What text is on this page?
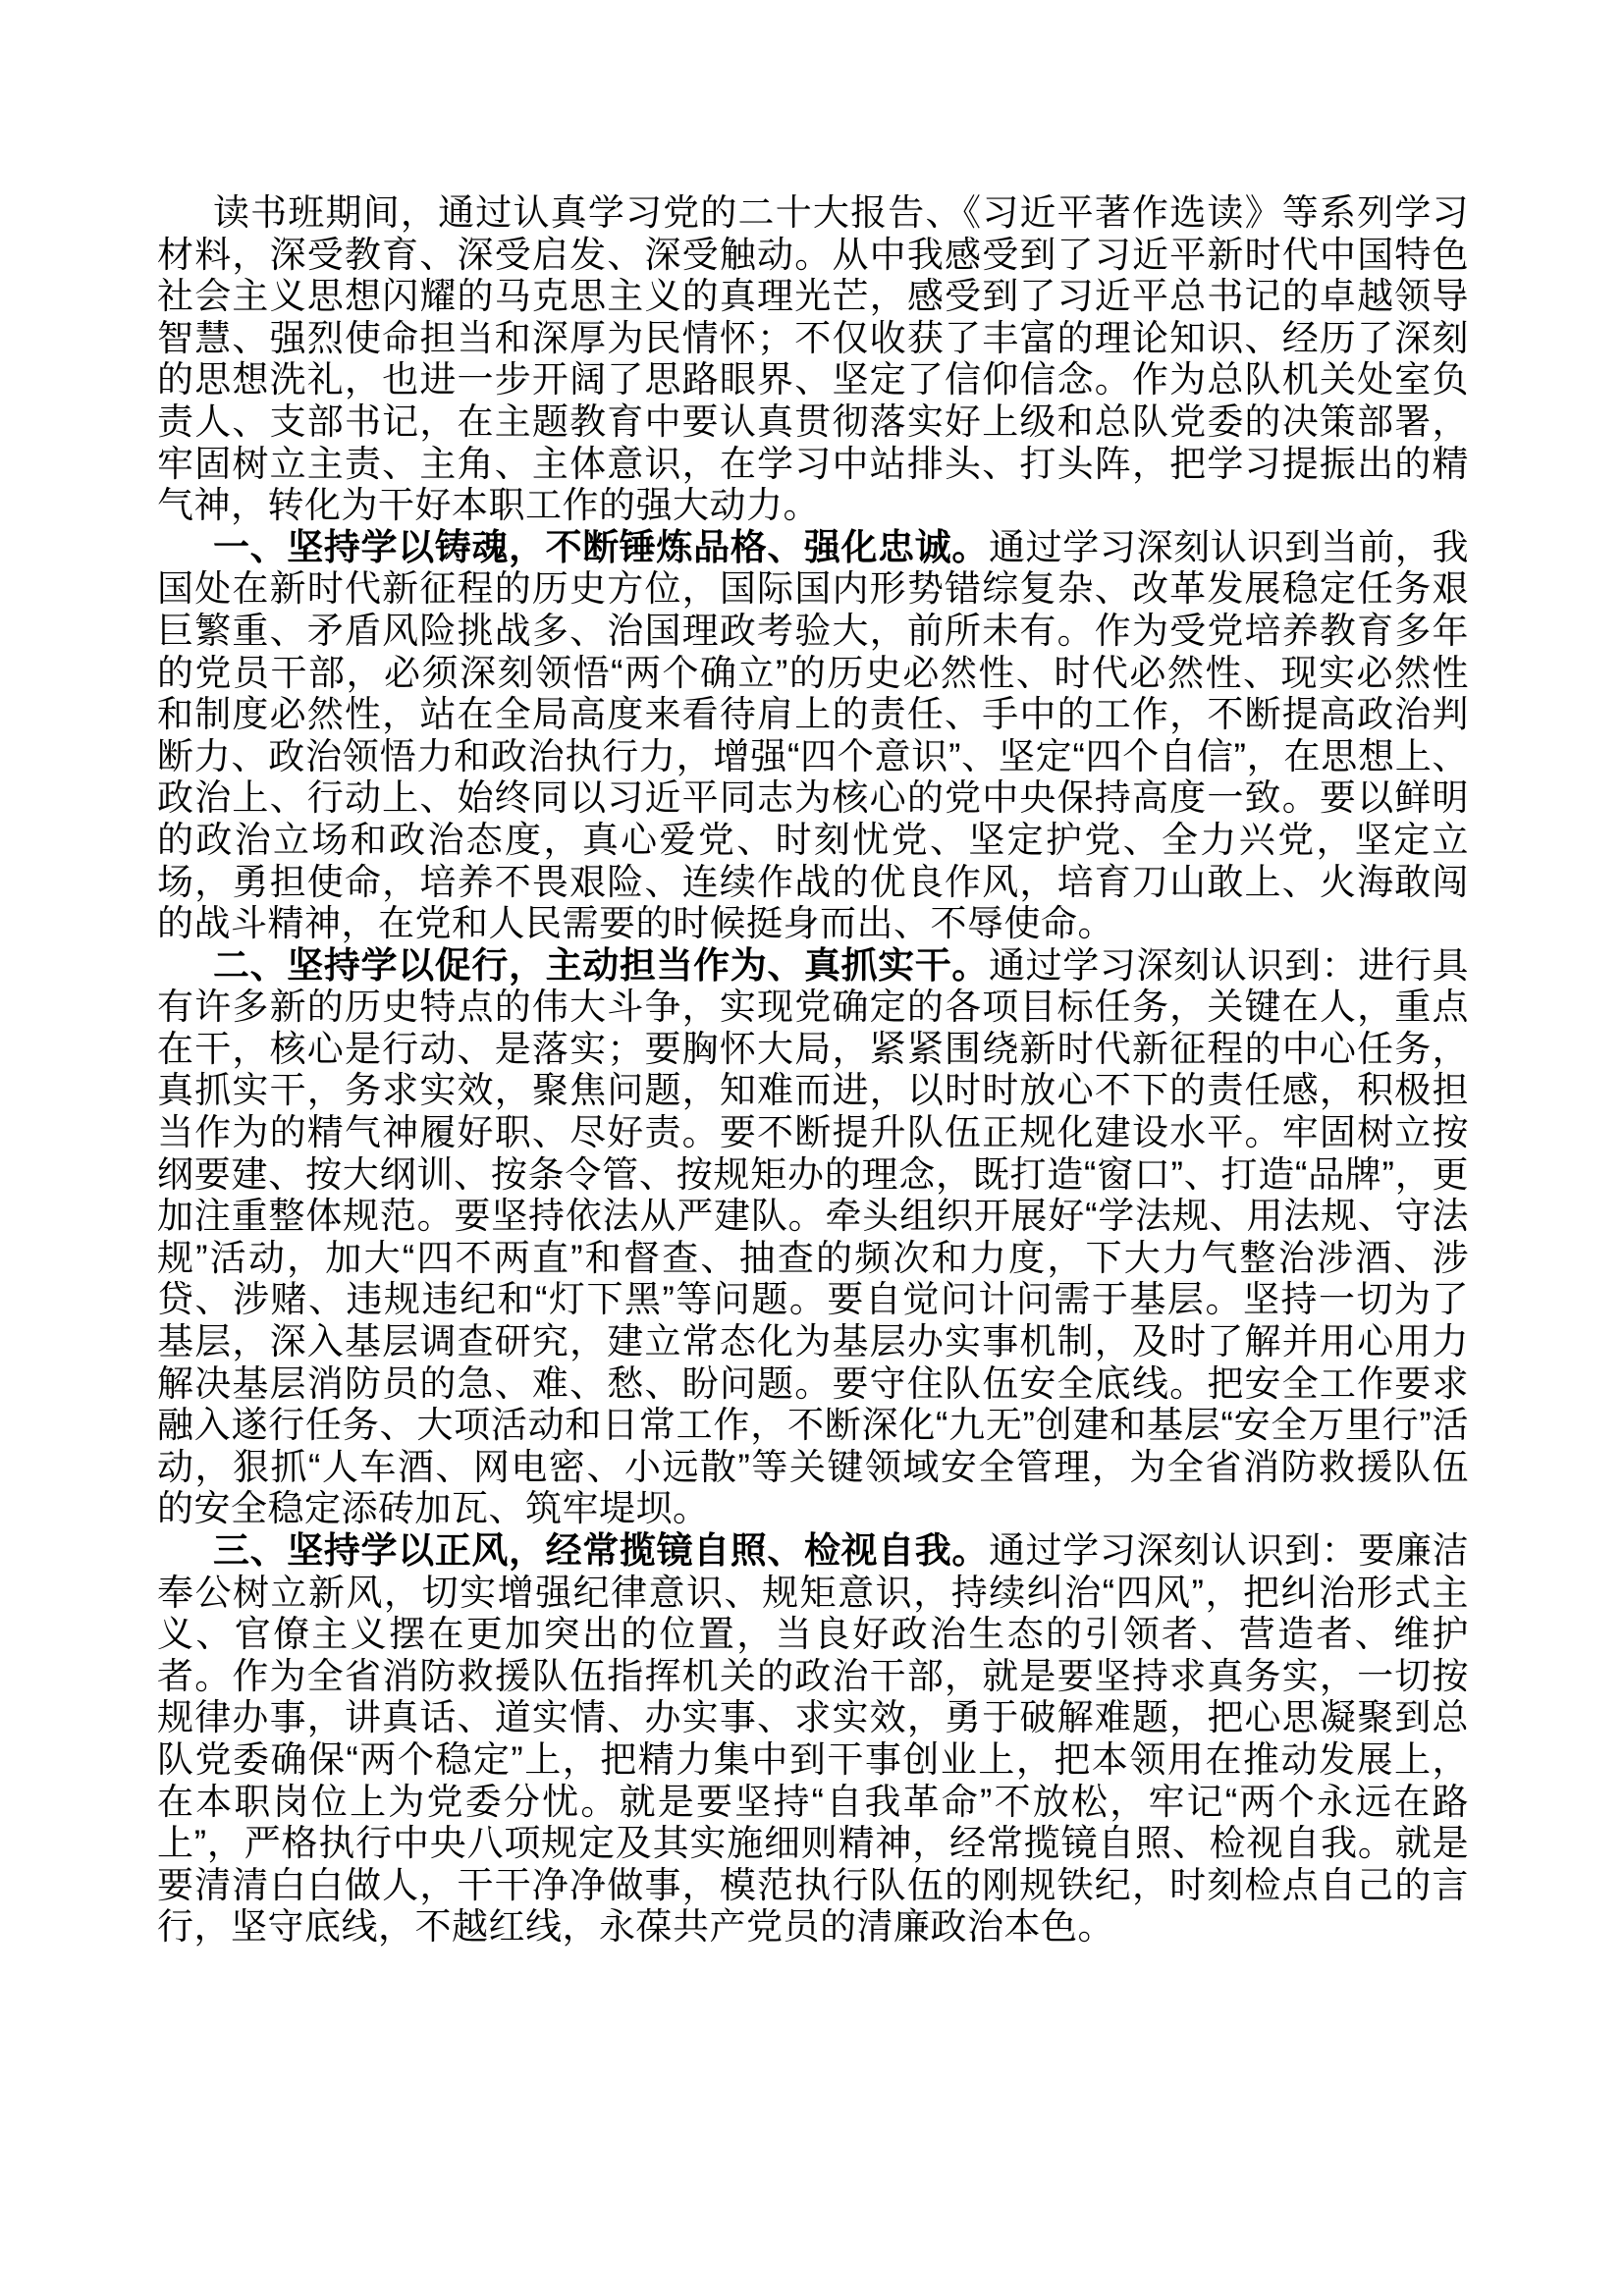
读书班期间，通过认真学习党的二十大报告、《习近平著作选读》等系列学习材料，深受教育、深受启发、深受触动。从中我感受到了习近平新时代中国特色社会主义思想闪耀的马克思主义的真理光芒，感受到了习近平总书记的卓越领导智慧、强烈使命担当和深厚为民情怀；不仅收获了丰富的理论知识、经历了深刻的思想洗礼，也进一步开阔了思路眼界、坚定了信仰信念。作为总队机关处室负责人、支部书记，在主题教育中要认真贯彻落实好上级和总队党委的决策部署，牢固树立主责、主角、主体意识，在学习中站排头、打头阵，把学习提振出的精气神，转化为干好本职工作的强大动力。

一、坚持学以铸魂，不断锤炼品格、强化忠诚。通过学习深刻认识到当前，我国处在新时代新征程的历史方位，国际国内形势错综复杂、改革发展稳定任务艰巨繁重、矛盾风险挑战多、治国理政考验大，前所未有。作为受党培养教育多年的党员干部，必须深刻领悟“两个确立”的历史必然性、时代必然性、现实必然性和制度必然性，站在全局高度来看待肩上的责任、手中的工作，不断提高政治判断力、政治领悟力和政治执行力，增强“四个意识”、坚定“四个自信”，在思想上、政治上、行动上、始终同以习近平同志为核心的党中央保持高度一致。要以鲜明的政治立场和政治态度，真心爱党、时刻忧党、坚定护党、全力兴党，坚定立场，勇担使命，培养不畏艰险、连续作战的优良作风，培育刀山敢上、火海敢闯的战斗精神，在党和人民需要的时候挺身而出、不辱使命。

二、坚持学以促行，主动担当作为、真抓实干。通过学习深刻认识到：进行具有许多新的历史特点的伟大斗争，实现党确定的各项目标任务，关键在人，重点在干，核心是行动、是落实；要胸怀大局，紧紧围绕新时代新征程的中心任务，真抓实干，务求实效，聚焦问题，知难而进，以时时放心不下的责任感，积极担当作为的精气神履好职、尽好责。要不断提升队伍正规化建设水平。牢固树立按纲要建、按大纲训、按条令管、按规矩办的理念，既打造“窗口”、打造“品牌”，更加注重整体规范。要坚持依法从严建队。牵头组织开展好“学法规、用法规、守法规”活动，加大“四不两直”和督查、抽查的频次和力度，下大力气整治涉酒、涉贷、涉赌、违规违纪和“灯下黑”等问题。要自觉问计问需于基层。坚持一切为了基层，深入基层调查研究，建立常态化为基层办实事机制，及时了解并用心用力解决基层消防员的急、难、愁、盼问题。要守住队伍安全底线。把安全工作要求融入遂行任务、大项活动和日常工作，不断深化“九无”创建和基层“安全万里行”活动，狠抓“人车酒、网电密、小远散”等关键领域安全管理，为全省消防救援队伍的安全稳定添砖加瓦、筑牢堤坝。

三、坚持学以正风，经常揽镜自照、检视自我。通过学习深刻认识到：要廉洁奉公树立新风，切实增强纪律意识、规矩意识，持续纠治“四风”，把纠治形式主义、官僚主义摆在更加突出的位置，当良好政治生态的引领者、营造者、维护者。作为全省消防救援队伍指挥机关的政治干部，就是要坚持求真务实，一切按规律办事，讲真话、道实情、办实事、求实效，勇于破解难题，把心思凝聚到总队党委确保“两个稳定”上，把精力集中到干事创业上，把本领用在推动发展上，在本职岗位上为党委分忧。就是要坚持“自我革命”不放松，牢记“两个永远在路上”，严格执行中央八项规定及其实施细则精神，经常揽镜自照、检视自我。就是要清清白白做人，干干净净做事，模范执行队伍的刚规铁纪，时刻检点自己的言行，坚守底线，不越红线，永葆共产党员的清廉政治本色。
